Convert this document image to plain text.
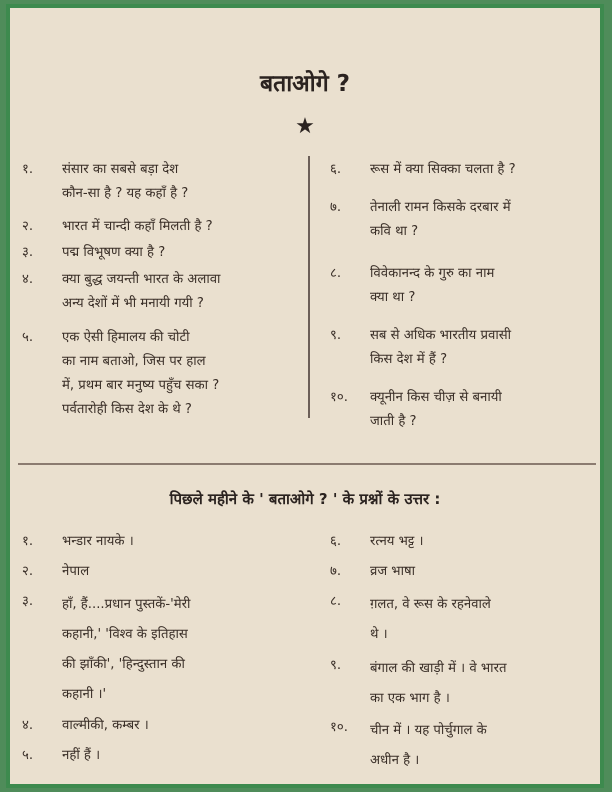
बताओगे ?
★
१.	संसार का सबसे बड़ा देश
कौन-सा है ? यह कहाँ है ?
२.	भारत में चान्दी कहाँ मिलती है ?
३.	पद्म विभूषण क्या है ?
४.	क्या बुद्ध जयन्ती भारत के अलावा
अन्य देशों में भी मनायी गयी ?
५.	एक ऐसी हिमालय की चोटी
का नाम बताओ, जिस पर हाल
में, प्रथम बार मनुष्य पहुँच सका ?
पर्वतारोही किस देश के थे ?
६.	रूस में क्या सिक्का चलता है ?
७.	तेनाली रामन किसके दरबार में
कवि था ?
८.	विवेकानन्द के गुरु का नाम
क्या था ?
९.	सब से अधिक भारतीय प्रवासी
किस देश में हैं ?
१०.	क्यूनीन किस चीज़ से बनायी
जाती है ?
पिछले महीने के ' बताओगे ? ' के प्रश्नों के उत्तर :
१.	भन्डार नायके ।
२.	नेपाल
३.	हाँ, हैं....प्रधान पुस्तकें-'मेरी
कहानी,' 'विश्व के इतिहास
की झाँकी', 'हिन्दुस्तान की
कहानी ।'
४.	वाल्मीकी, कम्बर ।
५.	नहीं हैं ।
६.	रत्नय भट्ट ।
७.	व्रज भाषा
८.	ग़लत, वे रूस के रहनेवाले
थे ।
९.	बंगाल की खाड़ी में । वे भारत
का एक भाग है ।
१०.	चीन में । यह पोर्चुगाल के
अधीन है ।
